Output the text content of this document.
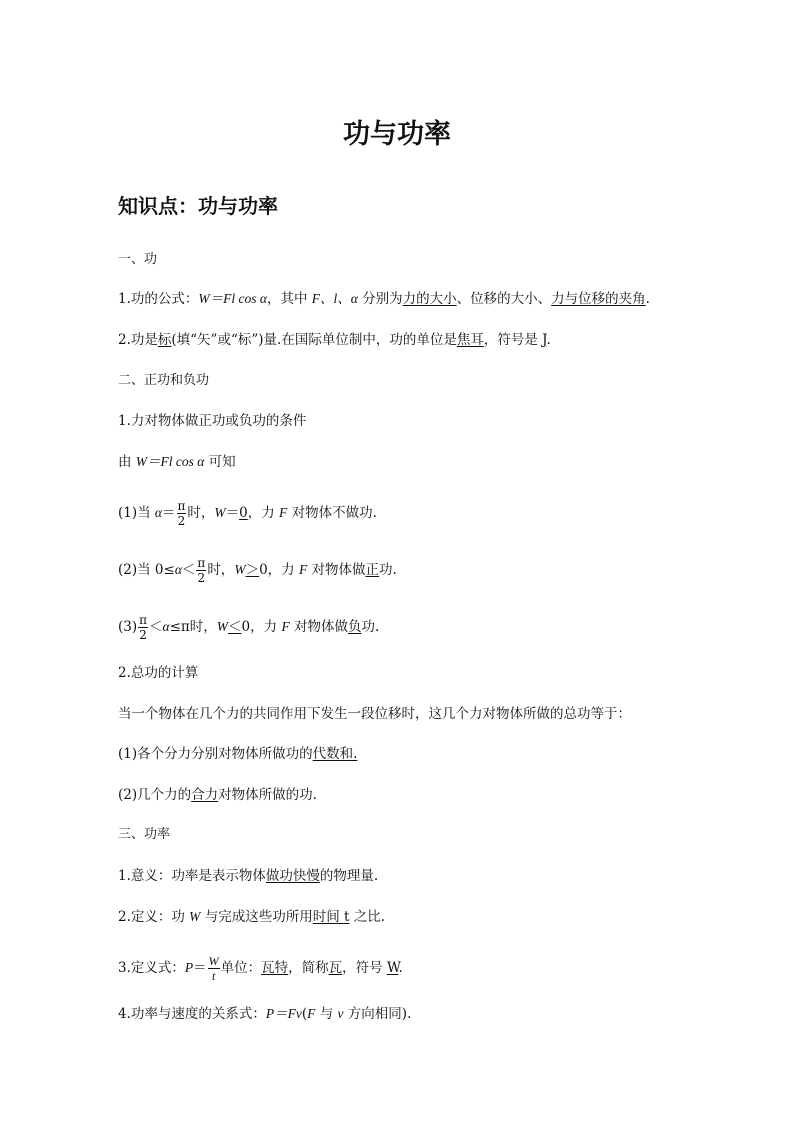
功与功率
知识点：功与功率
一、功
1.功的公式：W＝Fl cos α，其中 F、l、α 分别为力的大小、位移的大小、力与位移的夹角.
2.功是标(填“矢”或“标”)量.在国际单位制中，功的单位是焦耳，符号是 J.
二、正功和负功
1.力对物体做正功或负功的条件
由 W＝Fl cos α 可知
(1)当 $\alpha= \frac{\pi}{2}$ 时，W＝0，力 F 对物体不做功.
(2)当 $0\le\alpha< \frac{\pi}{2}$ 时，W＞0，力 F 对物体做正功.
$(3) \frac{\pi}{2} <\alpha\le\pi$时，W＜0，力 F 对物体做负功.
2.总功的计算
当一个物体在几个力的共同作用下发生一段位移时，这几个力对物体所做的总功等于：
(1)各个分力分别对物体所做功的代数和.
(2)几个力的合力对物体所做的功.
三、功率
1.意义：功率是表示物体做功快慢的物理量.
2.定义：功 W 与完成这些功所用时间 t 之比.
3.定义式：$P= \frac{W}{t}$ 单位：瓦特，简称瓦，符号 W.
4.功率与速度的关系式：P＝Fv(F 与 v 方向相同).
